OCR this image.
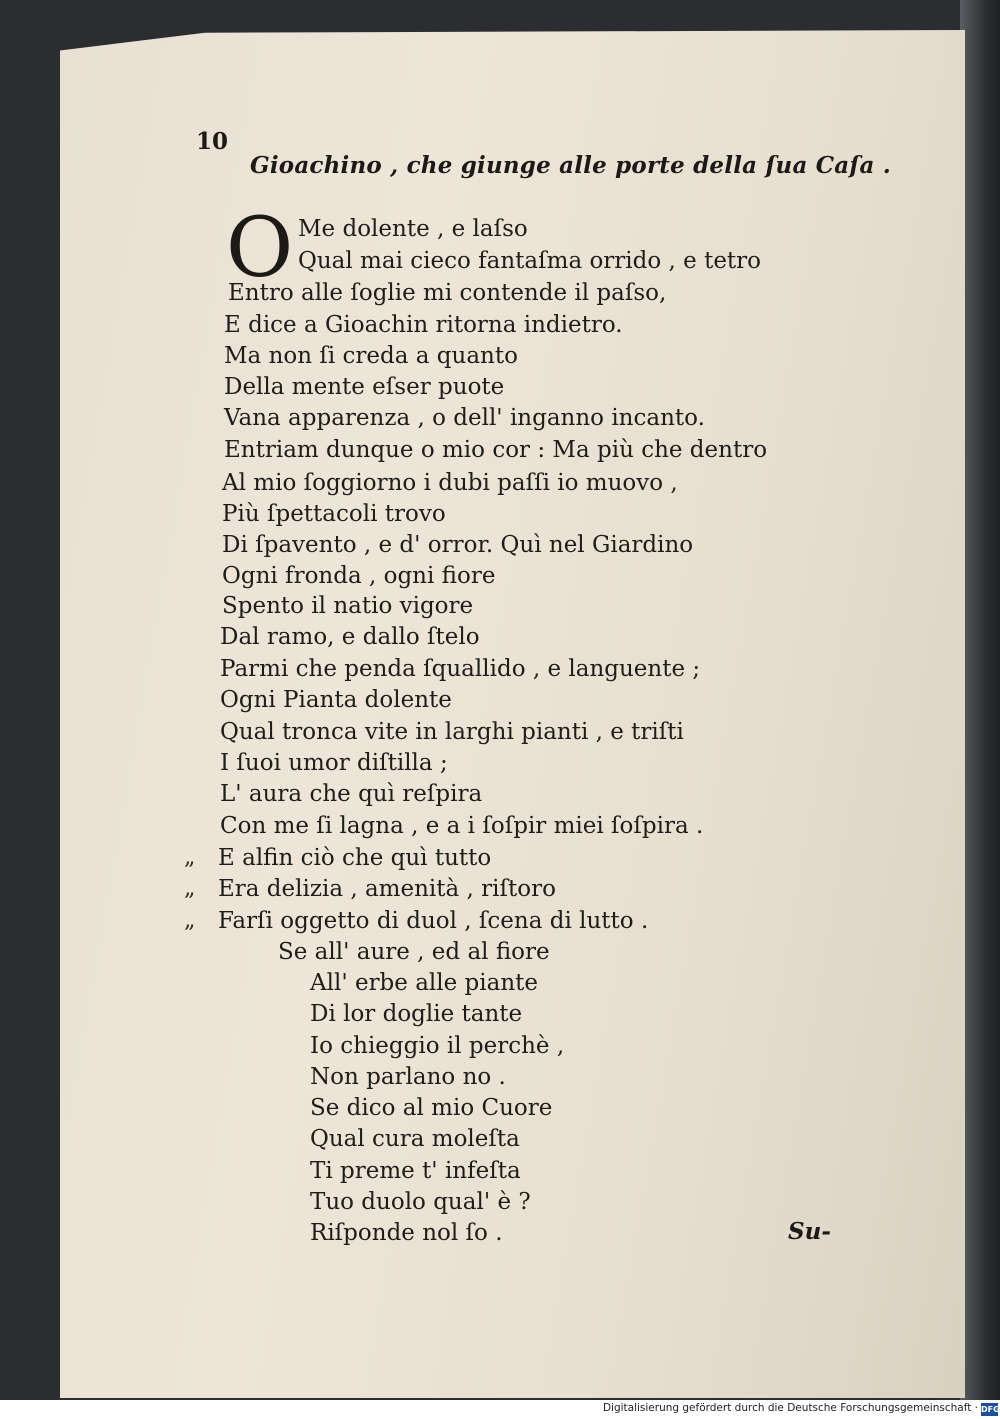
10
Gioachino , che giunge alle porte della ſua Caſa .
O Me dolente , e laſso
Qual mai cieco fantaſma orrido , e tetro
Entro alle ſoglie mi contende il paſso,
E dice a Gioachin ritorna indietro.
Ma non ſi creda a quanto
Della mente eſser puote
Vana apparenza , o dell' inganno incanto.
Entriam dunque o mio cor : Ma più che dentro
Al mio ſoggiorno i dubi paſſi io muovo ,
Più ſpettacoli trovo
Di ſpavento , e d' orror. Quì nel Giardino
Ogni fronda , ogni fiore
Spento il natio vigore
Dal ramo, e dallo ſtelo
Parmi che penda ſquallido , e languente ;
Ogni Pianta dolente
Qual tronca vite in larghi pianti , e triſti
I ſuoi umor diſtilla ;
L' aura che quì reſpira
Con me ſi lagna , e a i ſoſpir miei ſoſpira .
„ E alfin ciò che quì tutto
„ Era delizia , amenità , riſtoro
„ Farſi oggetto di duol , ſcena di lutto .
Se all' aure , ed al fiore
All' erbe alle piante
Di lor doglie tante
Io chieggio il perchè ,
Non parlano no .
Se dico al mio Cuore
Qual cura moleſta
Ti preme t' infeſta
Tuo duolo qual' è ?
Riſponde nol ſo .	Su-
Digitalisierung gefördert durch die Deutsche Forschungsgemeinschaft · DFG
